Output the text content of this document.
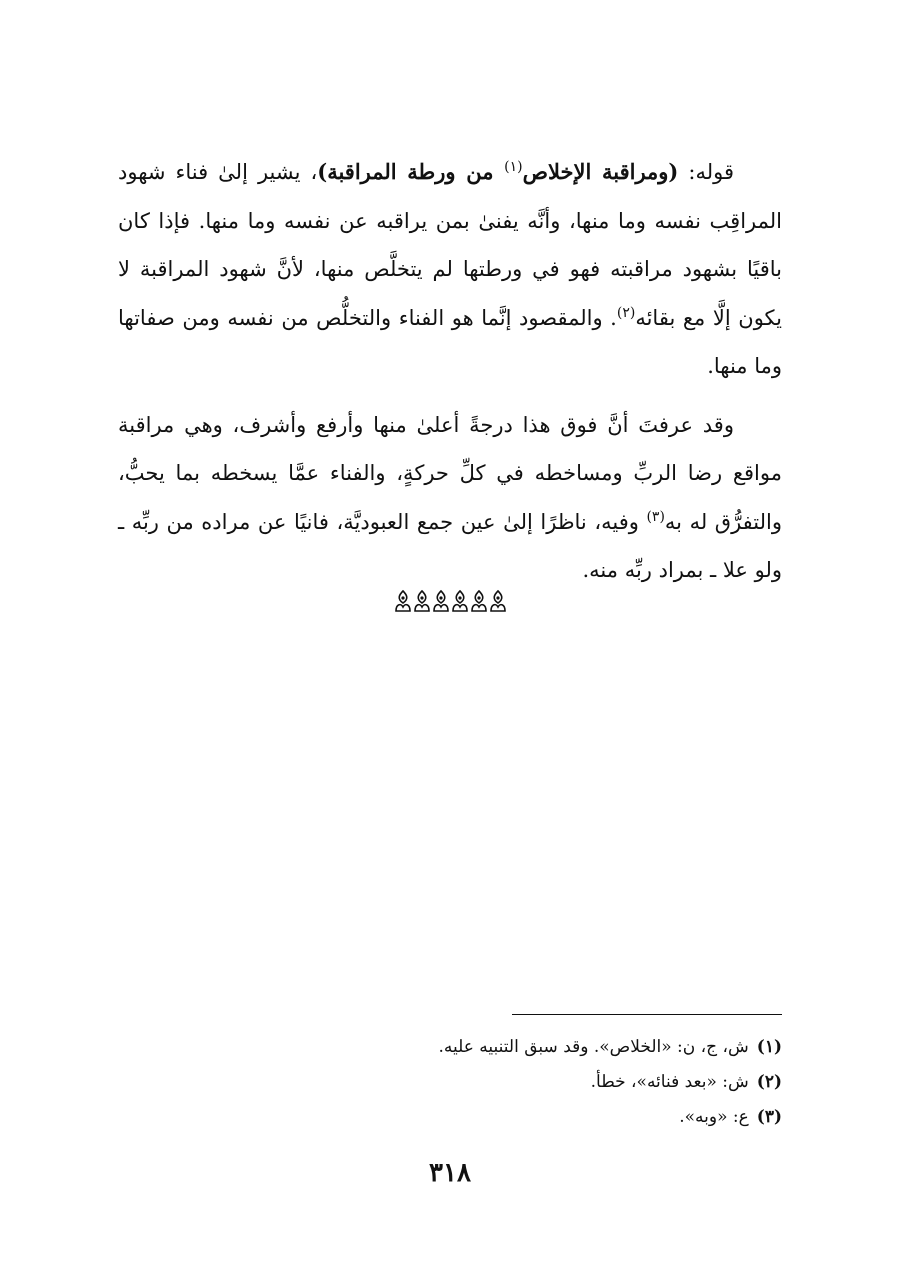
قوله: (ومراقبة الإخلاص$^{(١)}$ من ورطة المراقبة)، يشير إلىٰ فناء شهود المراقِب نفسه وما منها، وأنَّه يفنىٰ بمن يراقبه عن نفسه وما منها. فإذا كان باقيًا بشهود مراقبته فهو في ورطتها لم يتخلَّص منها، لأنَّ شهود المراقبة لا يكون إلَّا مع بقائه$^{(٢)}$. والمقصود إنَّما هو الفناء والتخلُّص من نفسه ومن صفاتها وما منها.

وقد عرفتَ أنَّ فوق هذا درجةً أعلىٰ منها وأرفع وأشرف، وهي مراقبة مواقع رضا الربِّ ومساخطه في كلِّ حركةٍ، والفناء عمَّا يسخطه بما يحبُّ، والتفرُّق له به$^{(٣)}$ وفيه، ناظرًا إلىٰ عين جمع العبوديَّة، فانيًا عن مراده من ربِّه ـ ولو علا ـ بمراد ربِّه منه.

(١)ش، ج، ن: «الخلاص». وقد سبق التنبيه عليه.

(٢)ش: «بعد فنائه»، خطأ.

(٣)ع: «وبه».

٣١٨
